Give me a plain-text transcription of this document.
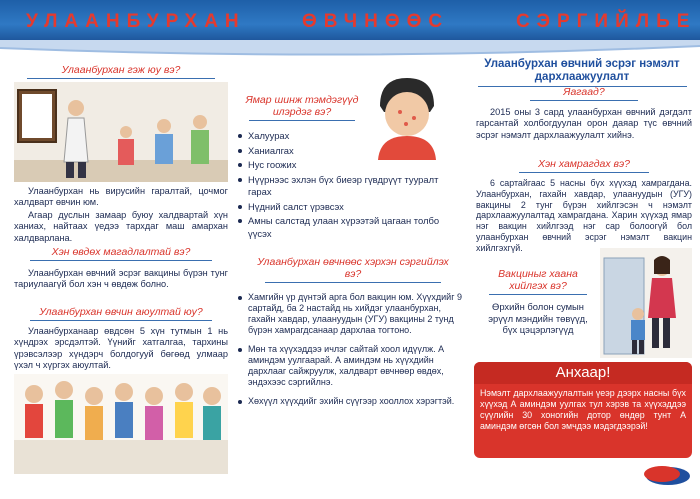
УЛААНБУРХАН	ӨВЧНӨӨС	СЭРГИЙЛЬЕ
Улаанбурхан гэж юу вэ?

Улаанбурхан нь вирусийн гаралтай, цочмог халдварт өвчин юм.

Агаар дуслын замаар буюу халдвартай хүн ханиах, найтаах үедээ тархдаг маш амархан халдварлана.

Хэн өвдөх магадлалтай вэ?

Улаанбурхан өвчний эсрэг вакцины бүрэн тунг тариулаагүй бол хэн ч өвдөж болно.

Улаанбурхан өвчин аюултай юу?

Улаанбурханаар өвдсөн 5 хүн тутмын 1 нь хүндрэх эрсдэлтэй. Үүнийг хатгалгаа, тархины үрэвсэлээр хүндэрч болдогууй бөгөөд улмаар үхэл ч хүргэх аюултай.

Ямар шинж тэмдэгүүд илэрдэг вэ?
Халуурах
Ханиалгах
Нус гоожих
Нүүрнээс эхлэн бүх биеэр гүвдрүүт тууралт гарах
Нүдний салст үрэвсэх
Амны салстад улаан хүрээтэй цагаан толбо үүсэх
Улаанбурхан өвчнөөс хэрхэн сэргийлэх вэ?
Хамгийн үр дүнтэй арга бол вакцин юм. Хүүхдийг 9 сартайд, ба 2 настайд нь хийдэг улаанбурхан, гахайн хавдар, улаануудын (УГУ) вакцины 2 тунд бүрэн хамрагдсанаар дархлаа тогтоно.
Мөн та хүүхэддээ ичлэг сайтай хоол идүүлж. А аминдэм уулгаарай. А аминдэм нь хүүхдийн дархлааг сайжруулж, халдварт өвчнөөр өвдөх, эндэхээс сэргийлнэ.
Хөхүүл хүүхдийг эхийн сүүгээр хооллох хэрэгтэй.
Улаанбурхан өвчний эсрэг нэмэлт дархлаажуулалт
Яагаад?

2015 оны 3 сард улаанбурхан өвчний дэгдэлт гарсантай холбогдуулан орон даяар түс өвчний эсрэг нэмэлт дархлаажуулалт хийнэ.

Хэн хамрагдах вэ?

6 сартайгаас 5 насны бүх хүүхэд хамрагдана. Улаанбурхан, гахайн хавдар, улаануудын (УГУ) вакцины 2 тунг бүрэн хийлгэсэн ч нэмэлт дархлаажуулалтад хамрагдана. Харин хүүхэд ямар нэг вакцин хийлгээд нэг сар болоогүй бол улаанбурхан өвчний эсрэг нэмэлт вакцин хийлгэхгүй.

Вакциныг хаана хийлгэх вэ?

Өрхийн болон сумын эрүүл мэндийн төвүүд, бүх цэцэрлэгүүд

Анхаар!
Нэмэлт дархлаажуулалтын үеэр дээрх насны бүх хүүхэд А аминдэм уулгах тул хэрэв та хүүхэддээ сүүлийн 30 хоногийн дотор өндөр тунт А аминдэм өгсөн бол эмчдээ мэдэгдээрэй!
